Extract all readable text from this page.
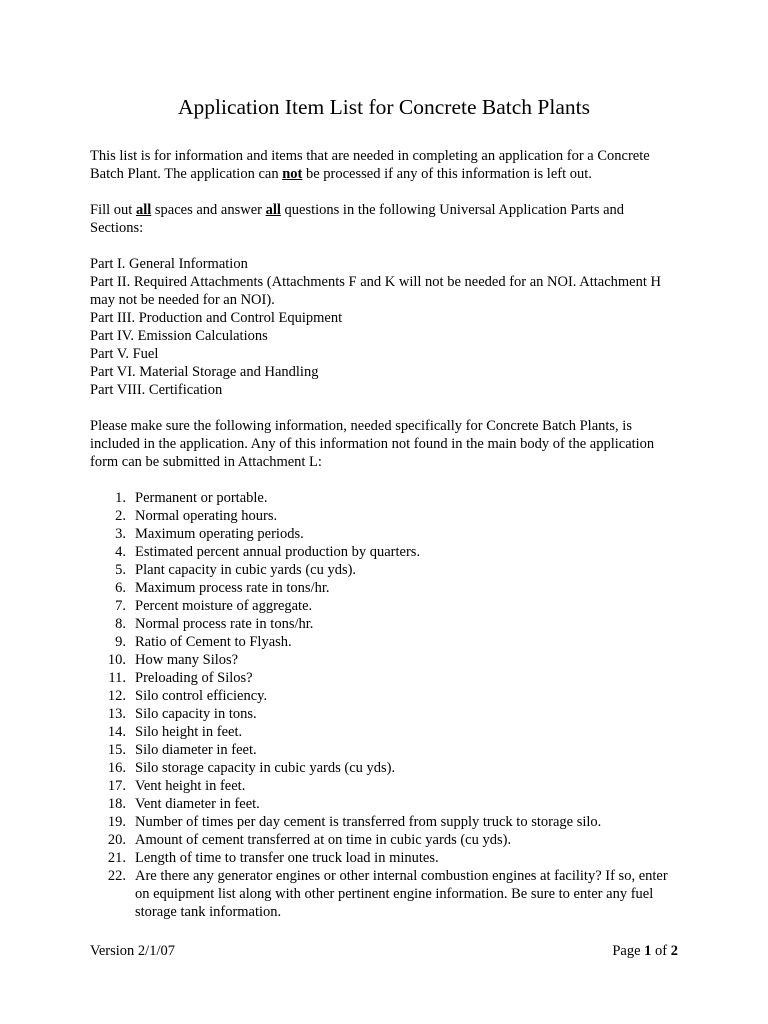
Application Item List for Concrete Batch Plants

This list is for information and items that are needed in completing an application for a Concrete Batch Plant. The application can not be processed if any of this information is left out.

Fill out all spaces and answer all questions in the following Universal Application Parts and Sections:

Part I. General Information
Part II. Required Attachments (Attachments F and K will not be needed for an NOI. Attachment H may not be needed for an NOI).
Part III. Production and Control Equipment
Part IV. Emission Calculations
Part V. Fuel
Part VI. Material Storage and Handling
Part VIII. Certification

Please make sure the following information, needed specifically for Concrete Batch Plants, is included in the application. Any of this information not found in the main body of the application form can be submitted in Attachment L:

1. Permanent or portable.
2. Normal operating hours.
3. Maximum operating periods.
4. Estimated percent annual production by quarters.
5. Plant capacity in cubic yards (cu yds).
6. Maximum process rate in tons/hr.
7. Percent moisture of aggregate.
8. Normal process rate in tons/hr.
9. Ratio of Cement to Flyash.
10. How many Silos?
11. Preloading of Silos?
12. Silo control efficiency.
13. Silo capacity in tons.
14. Silo height in feet.
15. Silo diameter in feet.
16. Silo storage capacity in cubic yards (cu yds).
17. Vent height in feet.
18. Vent diameter in feet.
19. Number of times per day cement is transferred from supply truck to storage silo.
20. Amount of cement transferred at on time in cubic yards (cu yds).
21. Length of time to transfer one truck load in minutes.
22. Are there any generator engines or other internal combustion engines at facility? If so, enter on equipment list along with other pertinent engine information. Be sure to enter any fuel storage tank information.
Version 2/1/07	Page 1 of 2
